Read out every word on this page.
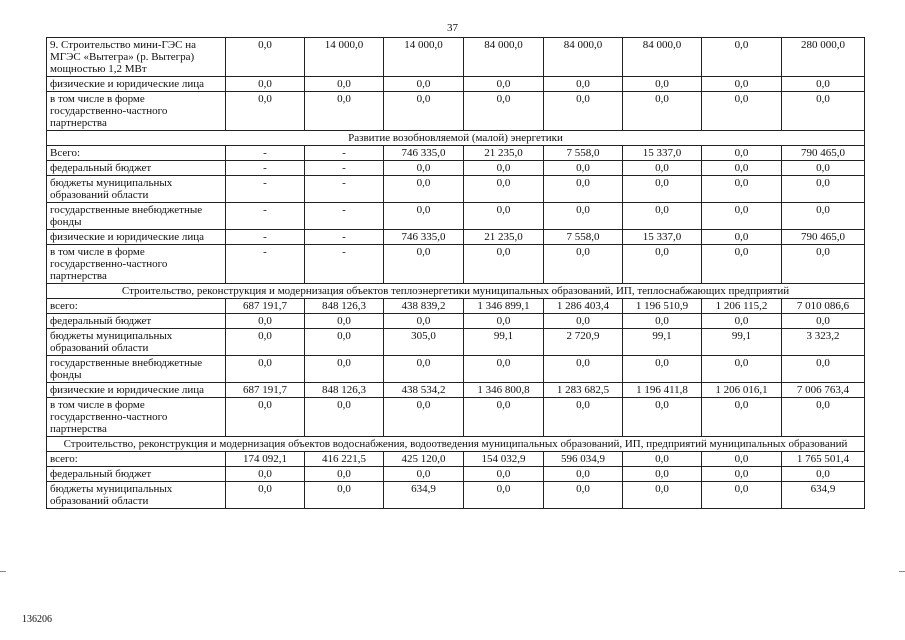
37
9. Строительство мини-ГЭС на МГЭС «Вытегра» (р. Вытегра) мощностью 1,2 МВт	0,0	14 000,0	14 000,0	84 000,0	84 000,0	84 000,0	0,0	280 000,0
физические и юридические лица	0,0	0,0	0,0	0,0	0,0	0,0	0,0	0,0
в том числе в форме государственно-частного партнерства	0,0	0,0	0,0	0,0	0,0	0,0	0,0	0,0
Развитие возобновляемой (малой) энергетики								
Всего:	-	-	746 335,0	21 235,0	7 558,0	15 337,0	0,0	790 465,0
федеральный бюджет	-	-	0,0	0,0	0,0	0,0	0,0	0,0
бюджеты муниципальных образований области	-	-	0,0	0,0	0,0	0,0	0,0	0,0
государственные внебюджетные фонды	-	-	0,0	0,0	0,0	0,0	0,0	0,0
физические и юридические лица	-	-	746 335,0	21 235,0	7 558,0	15 337,0	0,0	790 465,0
в том числе в форме государственно-частного партнерства	-	-	0,0	0,0	0,0	0,0	0,0	0,0
Строительство, реконструкция и модернизация объектов теплоэнергетики муниципальных образований, ИП, теплоснабжающих предприятий								
всего:	687 191,7	848 126,3	438 839,2	1 346 899,1	1 286 403,4	1 196 510,9	1 206 115,2	7 010 086,6
федеральный бюджет	0,0	0,0	0,0	0,0	0,0	0,0	0,0	0,0
бюджеты муниципальных образований области	0,0	0,0	305,0	99,1	2 720,9	99,1	99,1	3 323,2
государственные внебюджетные фонды	0,0	0,0	0,0	0,0	0,0	0,0	0,0	0,0
физические и юридические лица	687 191,7	848 126,3	438 534,2	1 346 800,8	1 283 682,5	1 196 411,8	1 206 016,1	7 006 763,4
в том числе в форме государственно-частного партнерства	0,0	0,0	0,0	0,0	0,0	0,0	0,0	0,0
Строительство, реконструкция и модернизация объектов водоснабжения, водоотведения муниципальных образований, ИП, предприятий муниципальных образований								
всего:	174 092,1	416 221,5	425 120,0	154 032,9	596 034,9	0,0	0,0	1 765 501,4
федеральный бюджет	0,0	0,0	0,0	0,0	0,0	0,0	0,0	0,0
бюджеты муниципальных образований области	0,0	0,0	634,9	0,0	0,0	0,0	0,0	634,9
136206
